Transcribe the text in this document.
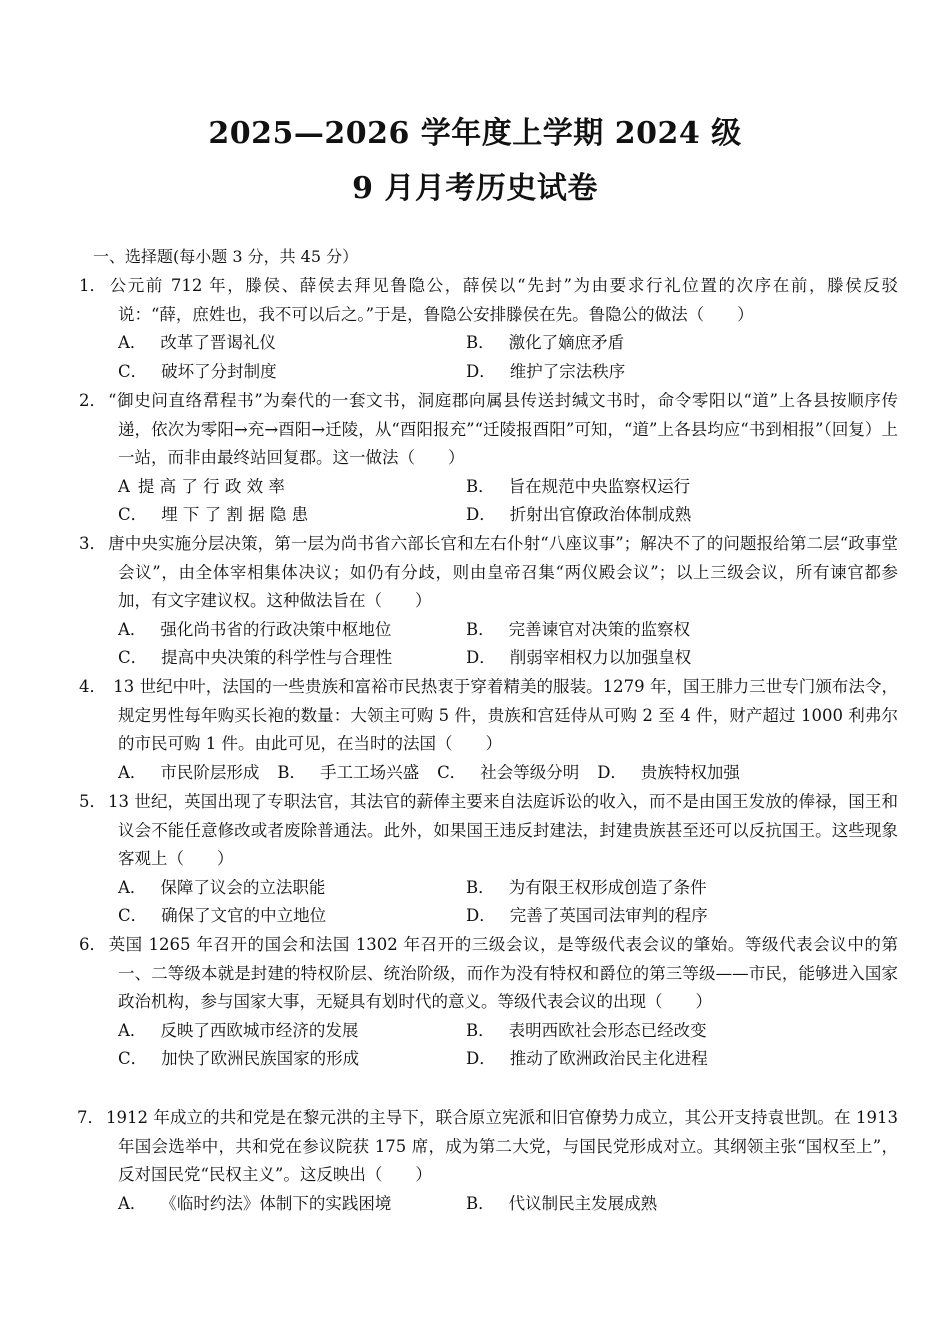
2025—2026 学年度上学期 2024 级
9 月月考历史试卷
一、选择题(每小题 3 分，共 45 分）
1． 公元前 712 年，滕侯、薛侯去拜见鲁隐公，薛侯以“先封”为由要求行礼位置的次序在前，滕侯反驳说：“薛，庶姓也，我不可以后之。”于是，鲁隐公安排滕侯在先。鲁隐公的做法（　　）
A． 改革了晋谒礼仪	B． 激化了嫡庶矛盾
C． 破坏了分封制度	D． 维护了宗法秩序
2． “御史问直络帬程书”为秦代的一套文书，洞庭郡向属县传送封缄文书时，命令零阳以“道”上各县按顺序传递，依次为零阳→充→酉阳→迁陵，从“酉阳报充”“迁陵报酉阳”可知，“道”上各县均应“书到相报”（回复）上一站，而非由最终站回复郡。这一做法（　　）
A 提 高 了 行 政 效 率	B． 旨在规范中央监察权运行
C． 埋 下 了 割 据 隐 患	D． 折射出官僚政治体制成熟
3． 唐中央实施分层决策，第一层为尚书省六部长官和左右仆射“八座议事”；解决不了的问题报给第二层“政事堂会议”，由全体宰相集体决议；如仍有分歧，则由皇帝召集“两仪殿会议”；以上三级会议，所有谏官都参加，有文字建议权。这种做法旨在（　　）
A． 强化尚书省的行政决策中枢地位	B． 完善谏官对决策的监察权
C． 提高中央决策的科学性与合理性	D． 削弱宰相权力以加强皇权
4． 13 世纪中叶，法国的一些贵族和富裕市民热衷于穿着精美的服装。1279 年，国王腓力三世专门颁布法令，规定男性每年购买长袍的数量：大领主可购 5 件，贵族和宫廷侍从可购 2 至 4 件，财产超过 1000 利弗尔的市民可购 1 件。由此可见，在当时的法国（　　）
A． 市民阶层形成 B． 手工工场兴盛 C． 社会等级分明 D． 贵族特权加强
5． 13 世纪，英国出现了专职法官，其法官的薪俸主要来自法庭诉讼的收入，而不是由国王发放的俸禄，国王和议会不能任意修改或者废除普通法。此外，如果国王违反封建法，封建贵族甚至还可以反抗国王。这些现象客观上（　　）
A． 保障了议会的立法职能	B． 为有限王权形成创造了条件
C． 确保了文官的中立地位	D． 完善了英国司法审判的程序
6． 英国 1265 年召开的国会和法国 1302 年召开的三级会议，是等级代表会议的肇始。等级代表会议中的第一、二等级本就是封建的特权阶层、统治阶级，而作为没有特权和爵位的第三等级——市民，能够进入国家政治机构，参与国家大事，无疑具有划时代的意义。等级代表会议的出现（　　）
A． 反映了西欧城市经济的发展	B． 表明西欧社会形态已经改变
C． 加快了欧洲民族国家的形成	D． 推动了欧洲政治民主化进程
7． 1912 年成立的共和党是在黎元洪的主导下，联合原立宪派和旧官僚势力成立，其公开支持袁世凯。在 1913 年国会选举中，共和党在参议院获 175 席，成为第二大党，与国民党形成对立。其纲领主张“国权至上”，反对国民党“民权主义”。这反映出（　　）
A． 《临时约法》体制下的实践困境	B． 代议制民主发展成熟
